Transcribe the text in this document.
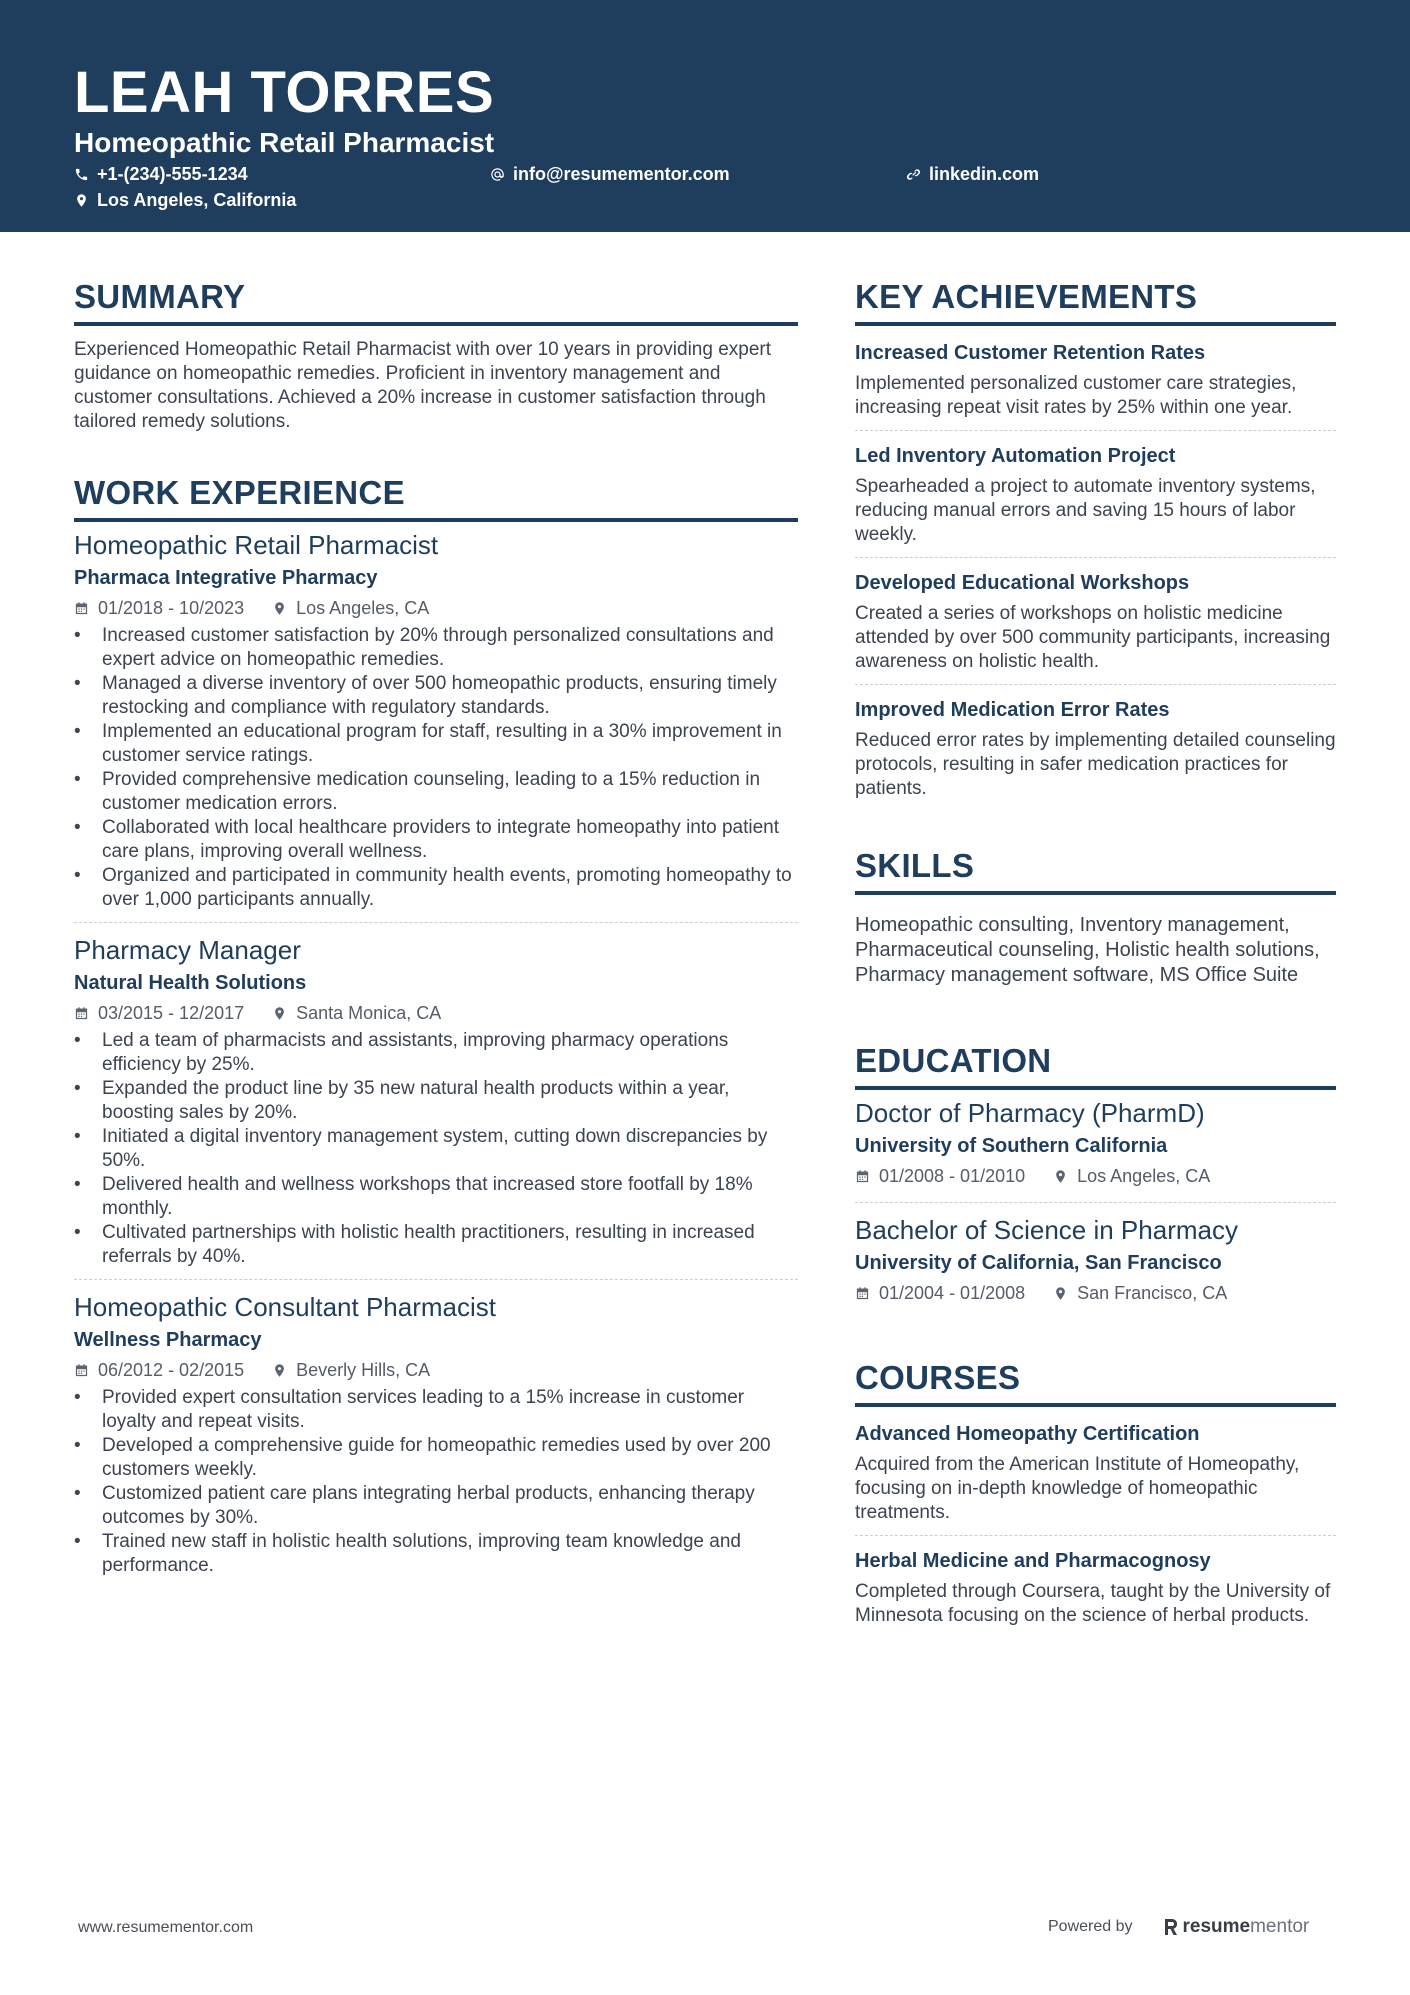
LEAH TORRES
Homeopathic Retail Pharmacist
+1-(234)-555-1234	info@resumementor.com	linkedin.com
Los Angeles, California
SUMMARY
Experienced Homeopathic Retail Pharmacist with over 10 years in providing expert guidance on homeopathic remedies. Proficient in inventory management and customer consultations. Achieved a 20% increase in customer satisfaction through tailored remedy solutions.
WORK EXPERIENCE
Homeopathic Retail Pharmacist
Pharmaca Integrative Pharmacy
01/2018 - 10/2023	Los Angeles, CA
• Increased customer satisfaction by 20% through personalized consultations and expert advice on homeopathic remedies.
• Managed a diverse inventory of over 500 homeopathic products, ensuring timely restocking and compliance with regulatory standards.
• Implemented an educational program for staff, resulting in a 30% improvement in customer service ratings.
• Provided comprehensive medication counseling, leading to a 15% reduction in customer medication errors.
• Collaborated with local healthcare providers to integrate homeopathy into patient care plans, improving overall wellness.
• Organized and participated in community health events, promoting homeopathy to over 1,000 participants annually.
Pharmacy Manager
Natural Health Solutions
03/2015 - 12/2017	Santa Monica, CA
• Led a team of pharmacists and assistants, improving pharmacy operations efficiency by 25%.
• Expanded the product line by 35 new natural health products within a year, boosting sales by 20%.
• Initiated a digital inventory management system, cutting down discrepancies by 50%.
• Delivered health and wellness workshops that increased store footfall by 18% monthly.
• Cultivated partnerships with holistic health practitioners, resulting in increased referrals by 40%.
Homeopathic Consultant Pharmacist
Wellness Pharmacy
06/2012 - 02/2015	Beverly Hills, CA
• Provided expert consultation services leading to a 15% increase in customer loyalty and repeat visits.
• Developed a comprehensive guide for homeopathic remedies used by over 200 customers weekly.
• Customized patient care plans integrating herbal products, enhancing therapy outcomes by 30%.
• Trained new staff in holistic health solutions, improving team knowledge and performance.
KEY ACHIEVEMENTS
Increased Customer Retention Rates
Implemented personalized customer care strategies, increasing repeat visit rates by 25% within one year.
Led Inventory Automation Project
Spearheaded a project to automate inventory systems, reducing manual errors and saving 15 hours of labor weekly.
Developed Educational Workshops
Created a series of workshops on holistic medicine attended by over 500 community participants, increasing awareness on holistic health.
Improved Medication Error Rates
Reduced error rates by implementing detailed counseling protocols, resulting in safer medication practices for patients.
SKILLS
Homeopathic consulting, Inventory management, Pharmaceutical counseling, Holistic health solutions, Pharmacy management software, MS Office Suite
EDUCATION
Doctor of Pharmacy (PharmD)
University of Southern California
01/2008 - 01/2010	Los Angeles, CA
Bachelor of Science in Pharmacy
University of California, San Francisco
01/2004 - 01/2008	San Francisco, CA
COURSES
Advanced Homeopathy Certification
Acquired from the American Institute of Homeopathy, focusing on in-depth knowledge of homeopathic treatments.
Herbal Medicine and Pharmacognosy
Completed through Coursera, taught by the University of Minnesota focusing on the science of herbal products.
www.resumementor.com	Powered by	resume mentor
